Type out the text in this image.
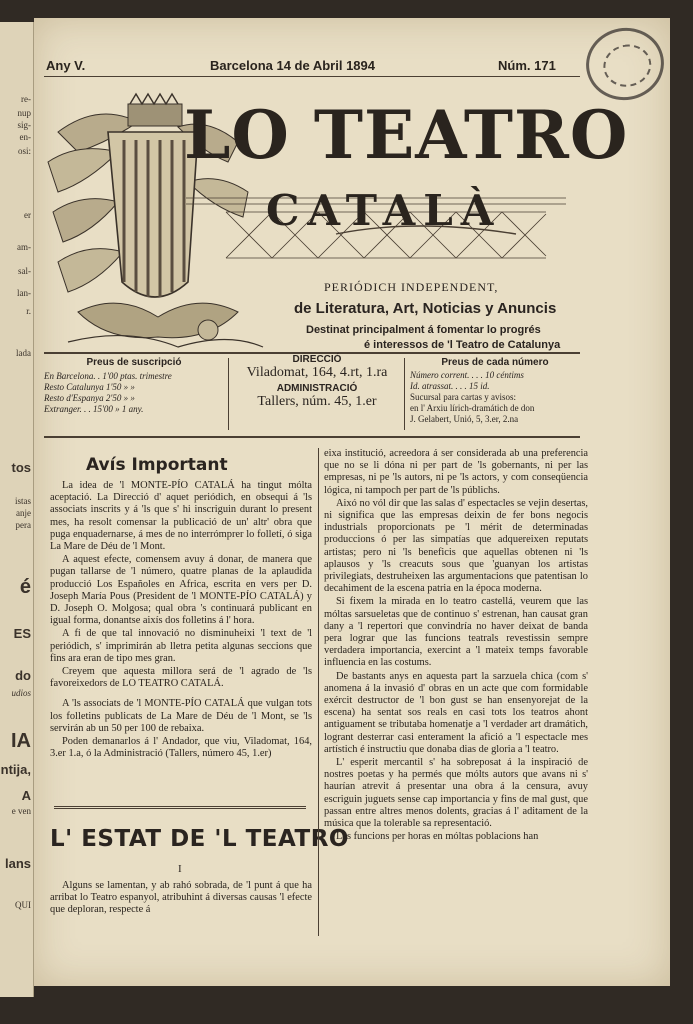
re-
nup
sig-
en-
osi:
er
am-
sal-
lan-
r.
lada
tos
istas
anje
pera
é
ES
do
udios
IA
ntija,
A
e ven
lans
QUI
Any V.	Barcelona 14 de Abril 1894	Núm. 171
LO TEATRO
CATALÀ
PERIÓDICH INDEPENDENT,
de Literatura, Art, Noticias y Anuncis
Destinat principalment á fomentar lo progrés
é interessos de 'l Teatro de Catalunya
Preus de suscripció
En Barcelona. . 1'00 ptas. trimestre
Resto Catalunya 1'50 » »
Resto d'Espanya 2'50 » »
Extranger. . . 15'00 » 1 any.
DIRECCIÓ
Viladomat, 164, 4.rt, 1.ra
ADMINISTRACIÓ
Tallers, núm. 45, 1.er
Preus de cada número
Número corrent. . . . 10 céntims
Id. atrassat. . . . 15 id.
Sucursal para cartas y avisos:
en l' Arxiu lírich-dramátich de don
J. Gelabert, Unió, 5, 3.er, 2.na
Avís Important

La idea de 'l MONTE-PÍO CATALÁ ha tingut mólta aceptació. La Direcció d' aquet periódich, en obsequi á 'ls associats inscrits y á 'ls que s' hi inscriguin durant lo present mes, ha resolt comensar la publicació de un' altr' obra que puga enquadernarse, á mes de no interrómprer lo folletí, ó siga La Mare de Déu de 'l Mont.

A aquest efecte, comensem avuy á donar, de manera que pugan tallarse de 'l número, quatre planas de la aplaudida producció Los Españoles en Africa, escrita en vers per D. Joseph María Pous (President de 'l MONTE-PÍO CATALÁ) y D. Joseph O. Molgosa; qual obra 's continuará publicant en igual forma, donantse aixís dos folletins á l' hora.

A fi de que tal innovació no disminuheixi 'l text de 'l periódich, s' imprimirán ab lletra petita algunas seccions que fins ara eran de tipo mes gran.

Creyem que aquesta millora será de 'l agrado de 'ls favoreixedors de LO TEATRO CATALÁ.

A 'ls associats de 'l MONTE-PÍO CATALÁ que vulgan tots los folletins publicats de La Mare de Déu de 'l Mont, se 'ls servirán ab un 50 per 100 de rebaixa.

Poden demanarlos á l' Andador, que viu, Viladomat, 164, 3.er 1.a, ó la Administració (Tallers, número 45, 1.er)

L' ESTAT DE 'L TEATRO
I

Alguns se lamentan, y ab rahó sobrada, de 'l punt á que ha arribat lo Teatro espanyol, atribuhint á diversas causas 'l efecte que deploran, respecte á

eixa institució, acreedora á ser considerada ab una preferencia que no se li dóna ni per part de 'ls gobernants, ni per las empresas, ni pe 'ls autors, ni pe 'ls actors, y com conseqüencia lógica, ni tampoch per part de 'ls públichs.

Aixó no vól dir que las salas d' espectacles se vejin desertas, ni significa que las empresas deixin de fer bons negocis industrials proporcionats pe 'l mérit de determinadas produccions ó per las simpatías que adquereixen reputats artistas; pero ni 'ls beneficis que aquellas obtenen ni 'ls aplausos y 'ls creacuts sous que 'guanyan los artistas privilegiats, destruheixen las argumentacions que patentisan lo decahiment de la escena patria en la época moderna.

Si fixem la mirada en lo teatro castellá, veurem que las móltas sarsueletas que de continuo s' estrenan, han causat gran dany a 'l repertori que convindría no haver deixat de banda pera lograr que las funcions teatrals revestissin sempre verdadera importancia, exercint a 'l mateix temps favorable influencia en las costums.

De bastants anys en aquesta part la sarzuela chica (com s' anomena á la invasió d' obras en un acte que com formidable exércit destructor de 'l bon gust se han ensenyorejat de la escena) ha sentat sos reals en casi tots los teatros ahont antiguament se tributaba homenatje a 'l verdader art dramátich, logrant desterrar casi enterament la afició a 'l espectacle mes artístich é instructiu que donaba dias de gloria a 'l teatro.

L' esperit mercantil s' ha sobreposat á la inspiració de nostres poetas y ha permés que mólts autors que avans ni s' haurían atrevit á presentar una obra á la censura, avuy escriguin juguets sense cap importancia y fins de mal gust, que passan entre altres menos dolents, gracias á l' aditament de la música que la tolerable sa representació.

Las funcions per horas en móltas poblacions han
